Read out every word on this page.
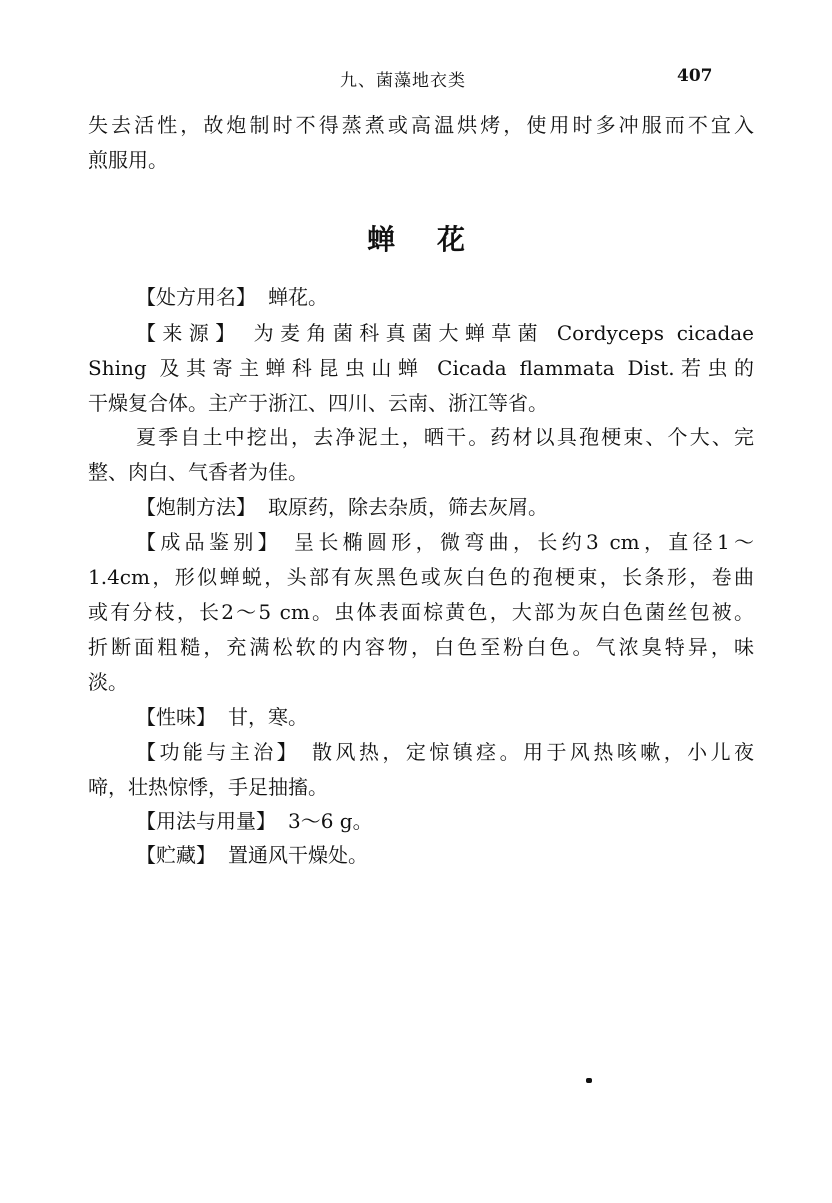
九、菌藻地衣类	407

失去活性，故炮制时不得蒸煮或高温烘烤，使用时多冲服而不宜入
煎服用。

蝉花

【处方用名】 蝉花。

【来源】 为麦角菌科真菌大蝉草菌 Cordyceps cicadae
Shing 及其寄主蝉科昆虫山蝉 Cicada flammata Dist.若虫的
干燥复合体。主产于浙江、四川、云南、浙江等省。

夏季自土中挖出，去净泥土，晒干。药材以具孢梗束、个大、完
整、肉白、气香者为佳。

【炮制方法】 取原药，除去杂质，筛去灰屑。

【成品鉴别】 呈长椭圆形，微弯曲，长约3 cm，直径1～
1.4cm，形似蝉蜕，头部有灰黑色或灰白色的孢梗束，长条形，卷曲
或有分枝，长2～5 cm。虫体表面棕黄色，大部为灰白色菌丝包被。
折断面粗糙，充满松软的内容物，白色至粉白色。气浓臭特异，味
淡。

【性味】 甘，寒。

【功能与主治】 散风热，定惊镇痉。用于风热咳嗽，小儿夜
啼，壮热惊悸，手足抽搐。

【用法与用量】 3～6 g。

【贮藏】 置通风干燥处。
